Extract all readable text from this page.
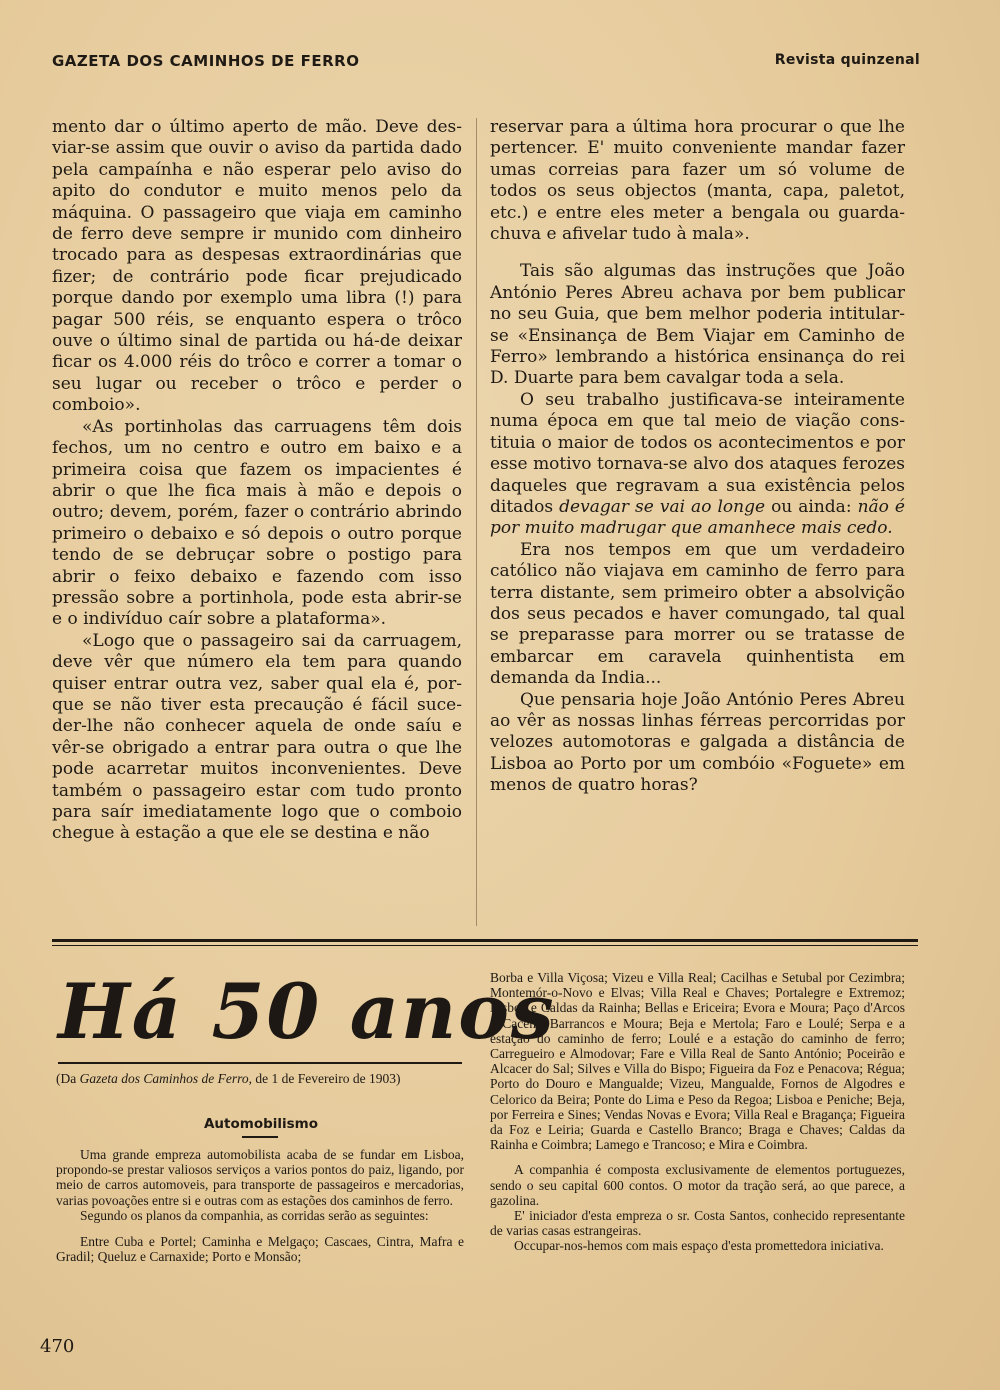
GAZETA DOS CAMINHOS DE FERRO	Revista quinzenal

mento dar o último aperto de mão. Deve desviar-se assim que ouvir o aviso da partida dado pela campaínha e não esperar pelo aviso do apito do condutor e muito menos pelo da máquina. O passageiro que viaja em caminho de ferro deve sempre ir munido com dinheiro trocado para as despesas extraordinárias que fizer; de contrário pode ficar prejudicado porque dando por exemplo uma libra (!) para pagar 500 réis, se enquanto espera o trôco ouve o último sinal de partida ou há-de deixar ficar os 4.000 réis do trôco e correr a tomar o seu lugar ou receber o trôco e perder o comboio».

«As portinholas das carruagens têm dois fechos, um no centro e outro em baixo e a primeira coisa que fazem os impacientes é abrir o que lhe fica mais à mão e depois o outro; devem, porém, fazer o contrário abrindo primeiro o debaixo e só depois o outro porque tendo de se debruçar sobre o postigo para abrir o feixo debaixo e fazendo com isso pressão sobre a portinhola, pode esta abrir-se e o indivíduo caír sobre a plataforma».

«Logo que o passageiro sai da carruagem, deve vêr que número ela tem para quando quiser entrar outra vez, saber qual ela é, porque se não tiver esta precaução é fácil suceder-lhe não conhecer aquela de onde saíu e vêr-se obrigado a entrar para outra o que lhe pode acarretar muitos inconvenientes. Deve também o passageiro estar com tudo pronto para saír imediatamente logo que o comboio chegue à estação a que ele se destina e não

reservar para a última hora procurar o que lhe pertencer. E' muito conveniente mandar fazer umas correias para fazer um só volume de todos os seus objectos (manta, capa, paletot, etc.) e entre eles meter a bengala ou guarda-chuva e afivelar tudo à mala».

Tais são algumas das instruções que João António Peres Abreu achava por bem publicar no seu Guia, que bem melhor poderia intitular-se «Ensinança de Bem Viajar em Caminho de Ferro» lembrando a histórica ensinança do rei D. Duarte para bem cavalgar toda a sela.

O seu trabalho justificava-se inteiramente numa época em que tal meio de viação constituia o maior de todos os acontecimentos e por esse motivo tornava-se alvo dos ataques ferozes daqueles que regravam a sua existência pelos ditados devagar se vai ao longe ou ainda: não é por muito madrugar que amanhece mais cedo.

Era nos tempos em que um verdadeiro católico não viajava em caminho de ferro para terra distante, sem primeiro obter a absolvição dos seus pecados e haver comungado, tal qual se preparasse para morrer ou se tratasse de embarcar em caravela quinhentista em demanda da India...

Que pensaria hoje João António Peres Abreu ao vêr as nossas linhas férreas percorridas por velozes automotoras e galgada a distância de Lisboa ao Porto por um combóio «Foguete» em menos de quatro horas?

Há 50 anos
(Da Gazeta dos Caminhos de Ferro, de 1 de Fevereiro de 1903)
Automobilismo

Uma grande empreza automobilista acaba de se fundar em Lisboa, propondo-se prestar valiosos serviços a varios pontos do paiz, ligando, por meio de carros automoveis, para transporte de passageiros e mercadorias, varias povoações entre si e outras com as estações dos caminhos de ferro.

Segundo os planos da companhia, as corridas serão as seguintes:

Entre Cuba e Portel; Caminha e Melgaço; Cascaes, Cintra, Mafra e Gradil; Queluz e Carnaxide; Porto e Monsão;

Borba e Villa Viçosa; Vizeu e Villa Real; Cacilhas e Setubal por Cezimbra; Montemór-o-Novo e Elvas; Villa Real e Chaves; Portalegre e Extremoz; Lisboa e Caldas da Rainha; Bellas e Ericeira; Evora e Moura; Paço d'Arcos e Cacem; Barrancos e Moura; Beja e Mertola; Faro e Loulé; Serpa e a estação do caminho de ferro; Loulé e a estação do caminho de ferro; Carregueiro e Almodovar; Fare e Villa Real de Santo António; Poceirão e Alcacer do Sal; Silves e Villa do Bispo; Figueira da Foz e Penacova; Régua; Porto do Douro e Mangualde; Vizeu, Mangualde, Fornos de Algodres e Celorico da Beira; Ponte do Lima e Peso da Regoa; Lisboa e Peniche; Beja, por Ferreira e Sines; Vendas Novas e Evora; Villa Real e Bragança; Figueira da Foz e Leiria; Guarda e Castello Branco; Braga e Chaves; Caldas da Rainha e Coimbra; Lamego e Trancoso; e Mira e Coimbra.

A companhia é composta exclusivamente de elementos portuguezes, sendo o seu capital 600 contos. O motor da tração será, ao que parece, a gazolina.

E' iniciador d'esta empreza o sr. Costa Santos, conhecido representante de varias casas estrangeiras.

Occupar-nos-hemos com mais espaço d'esta promettedora iniciativa.

470
